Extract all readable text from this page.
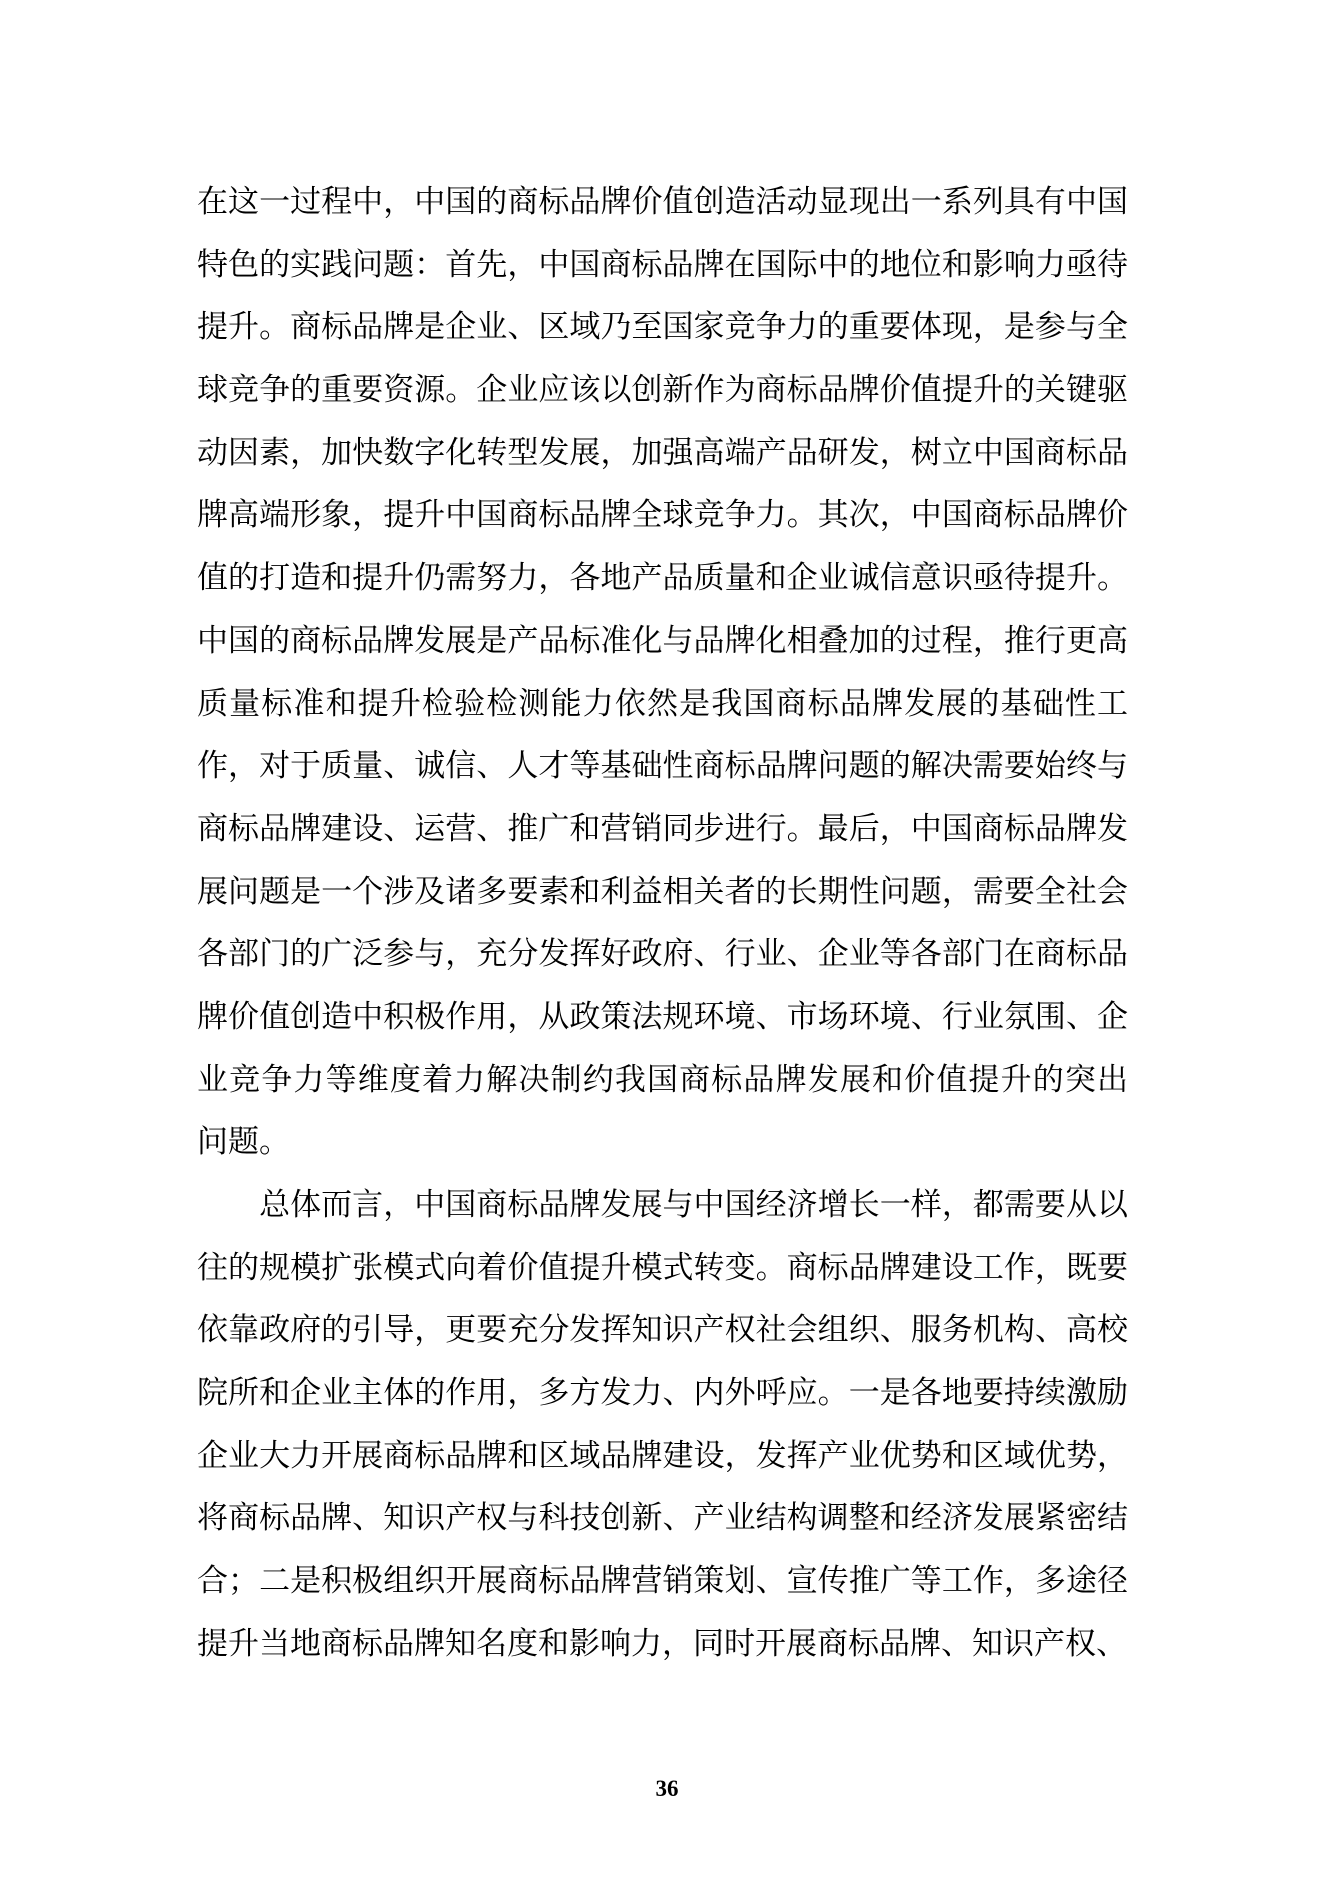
在这一过程中，中国的商标品牌价值创造活动显现出一系列具有中国
特色的实践问题：首先，中国商标品牌在国际中的地位和影响力亟待
提升。商标品牌是企业、区域乃至国家竞争力的重要体现，是参与全
球竞争的重要资源。企业应该以创新作为商标品牌价值提升的关键驱
动因素，加快数字化转型发展，加强高端产品研发，树立中国商标品
牌高端形象，提升中国商标品牌全球竞争力。其次，中国商标品牌价
值的打造和提升仍需努力，各地产品质量和企业诚信意识亟待提升。
中国的商标品牌发展是产品标准化与品牌化相叠加的过程，推行更高
质量标准和提升检验检测能力依然是我国商标品牌发展的基础性工
作，对于质量、诚信、人才等基础性商标品牌问题的解决需要始终与
商标品牌建设、运营、推广和营销同步进行。最后，中国商标品牌发
展问题是一个涉及诸多要素和利益相关者的长期性问题，需要全社会
各部门的广泛参与，充分发挥好政府、行业、企业等各部门在商标品
牌价值创造中积极作用，从政策法规环境、市场环境、行业氛围、企
业竞争力等维度着力解决制约我国商标品牌发展和价值提升的突出
问题。
　　总体而言，中国商标品牌发展与中国经济增长一样，都需要从以
往的规模扩张模式向着价值提升模式转变。商标品牌建设工作，既要
依靠政府的引导，更要充分发挥知识产权社会组织、服务机构、高校
院所和企业主体的作用，多方发力、内外呼应。一是各地要持续激励
企业大力开展商标品牌和区域品牌建设，发挥产业优势和区域优势，
将商标品牌、知识产权与科技创新、产业结构调整和经济发展紧密结
合；二是积极组织开展商标品牌营销策划、宣传推广等工作，多途径
提升当地商标品牌知名度和影响力，同时开展商标品牌、知识产权、
36
